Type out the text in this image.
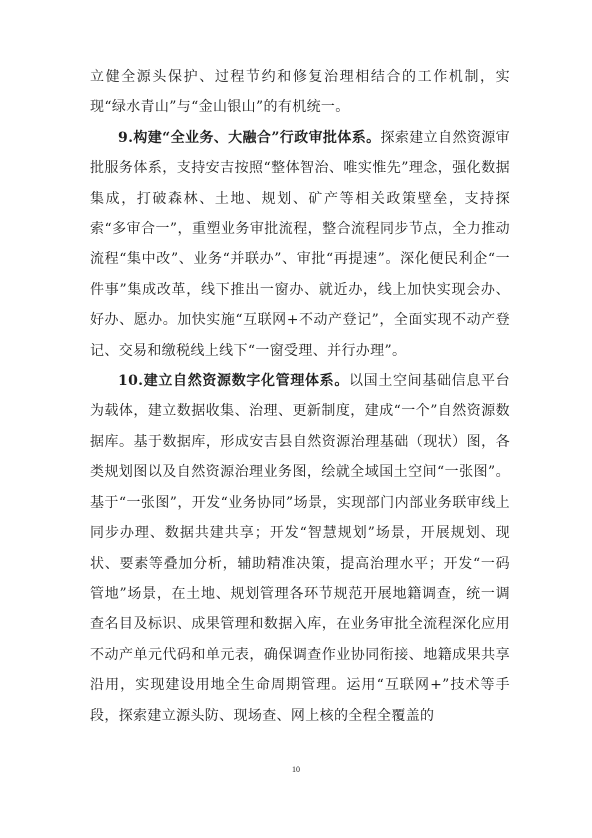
立健全源头保护、过程节约和修复治理相结合的工作机制，实现“绿水青山”与“金山银山”的有机统一。

9.构建“全业务、大融合”行政审批体系。探索建立自然资源审批服务体系，支持安吉按照“整体智治、唯实惟先”理念，强化数据集成，打破森林、土地、规划、矿产等相关政策壁垒，支持探索“多审合一”，重塑业务审批流程，整合流程同步节点，全力推动流程“集中改”、业务“并联办”、审批“再提速”。深化便民利企“一件事”集成改革，线下推出一窗办、就近办，线上加快实现会办、好办、愿办。加快实施“互联网+不动产登记”，全面实现不动产登记、交易和缴税线上线下“一窗受理、并行办理”。

10.建立自然资源数字化管理体系。以国土空间基础信息平台为载体，建立数据收集、治理、更新制度，建成“一个”自然资源数据库。基于数据库，形成安吉县自然资源治理基础（现状）图，各类规划图以及自然资源治理业务图，绘就全域国土空间“一张图”。基于“一张图”，开发“业务协同”场景，实现部门内部业务联审线上同步办理、数据共建共享；开发“智慧规划”场景，开展规划、现状、要素等叠加分析，辅助精准决策，提高治理水平；开发“一码管地”场景，在土地、规划管理各环节规范开展地籍调查，统一调查名目及标识、成果管理和数据入库，在业务审批全流程深化应用不动产单元代码和单元表，确保调查作业协同衔接、地籍成果共享沿用，实现建设用地全生命周期管理。运用“互联网+”技术等手段，探索建立源头防、现场查、网上核的全程全覆盖的

10
